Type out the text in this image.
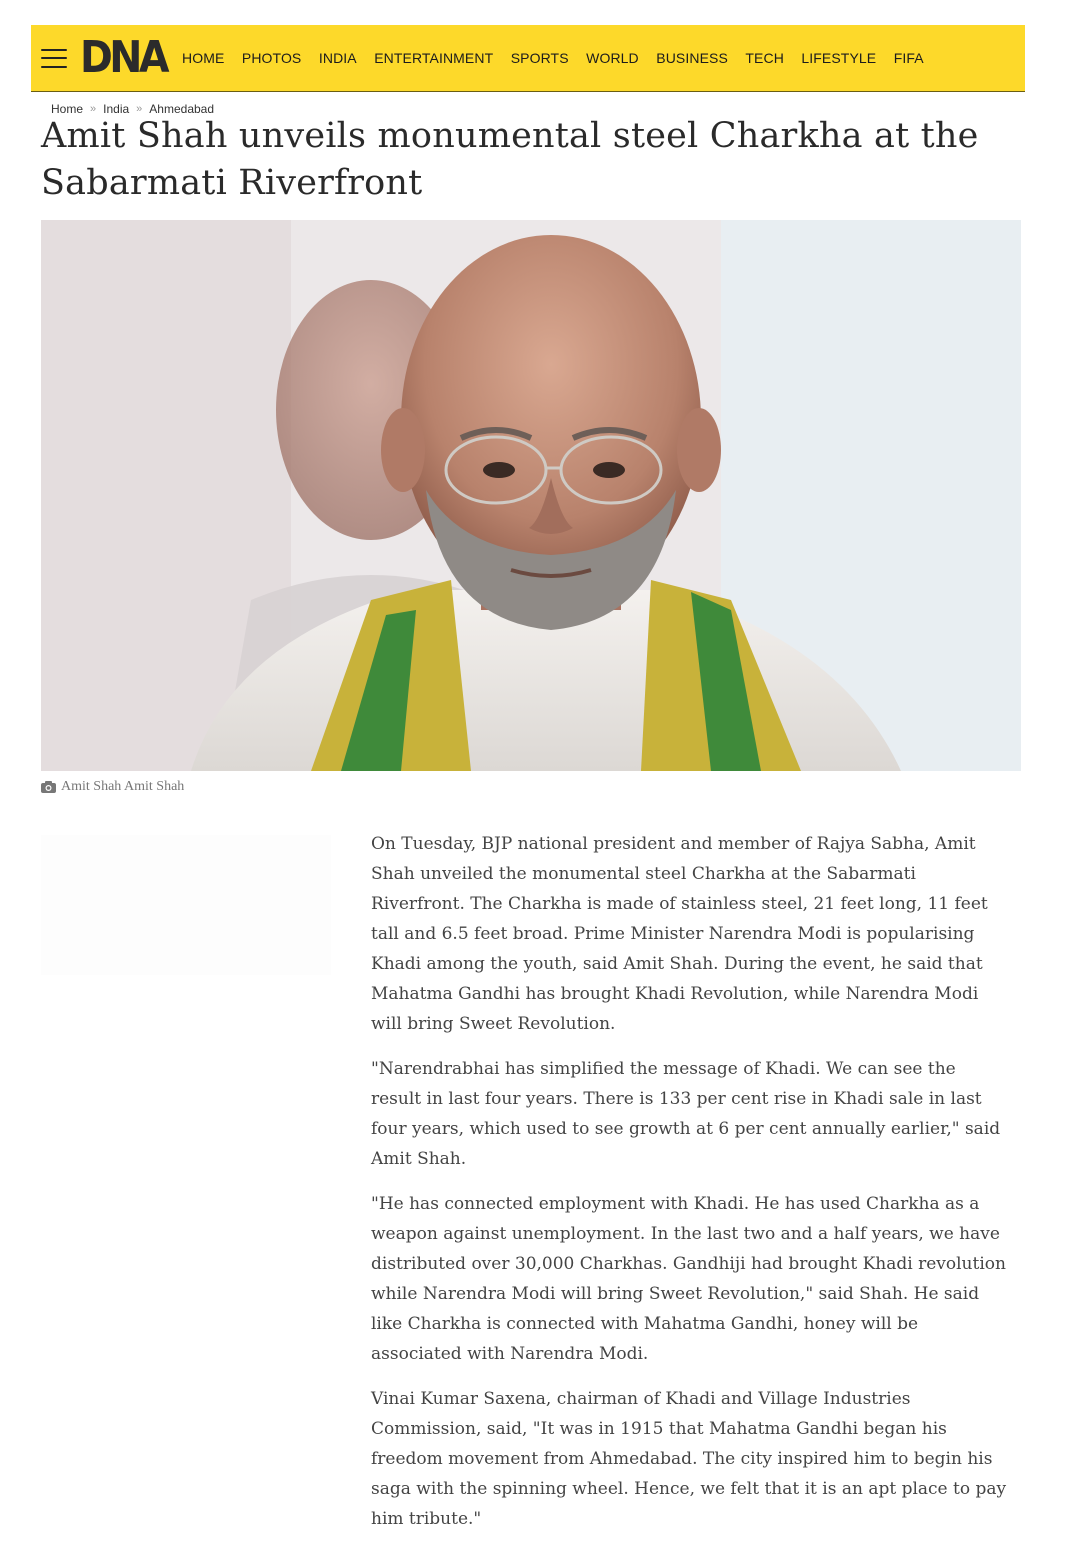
DNA HOME PHOTOS INDIA ENTERTAINMENT SPORTS WORLD BUSINESS TECH LIFESTYLE FIFA
Home » India » Ahmedabad
Amit Shah unveils monumental steel Charkha at the Sabarmati Riverfront
Amit Shah Amit Shah

On Tuesday, BJP national president and member of Rajya Sabha, Amit Shah unveiled the monumental steel Charkha at the Sabarmati Riverfront. The Charkha is made of stainless steel, 21 feet long, 11 feet tall and 6.5 feet broad. Prime Minister Narendra Modi is popularising Khadi among the youth, said Amit Shah. During the event, he said that Mahatma Gandhi has brought Khadi Revolution, while Narendra Modi will bring Sweet Revolution.

"Narendrabhai has simplified the message of Khadi. We can see the result in last four years. There is 133 per cent rise in Khadi sale in last four years, which used to see growth at 6 per cent annually earlier," said Amit Shah.

"He has connected employment with Khadi. He has used Charkha as a weapon against unemployment. In the last two and a half years, we have distributed over 30,000 Charkhas. Gandhiji had brought Khadi revolution while Narendra Modi will bring Sweet Revolution," said Shah. He said like Charkha is connected with Mahatma Gandhi, honey will be associated with Narendra Modi.

Vinai Kumar Saxena, chairman of Khadi and Village Industries Commission, said, "It was in 1915 that Mahatma Gandhi began his freedom movement from Ahmedabad. The city inspired him to begin his saga with the spinning wheel. Hence, we felt that it is an apt place to pay him tribute."
